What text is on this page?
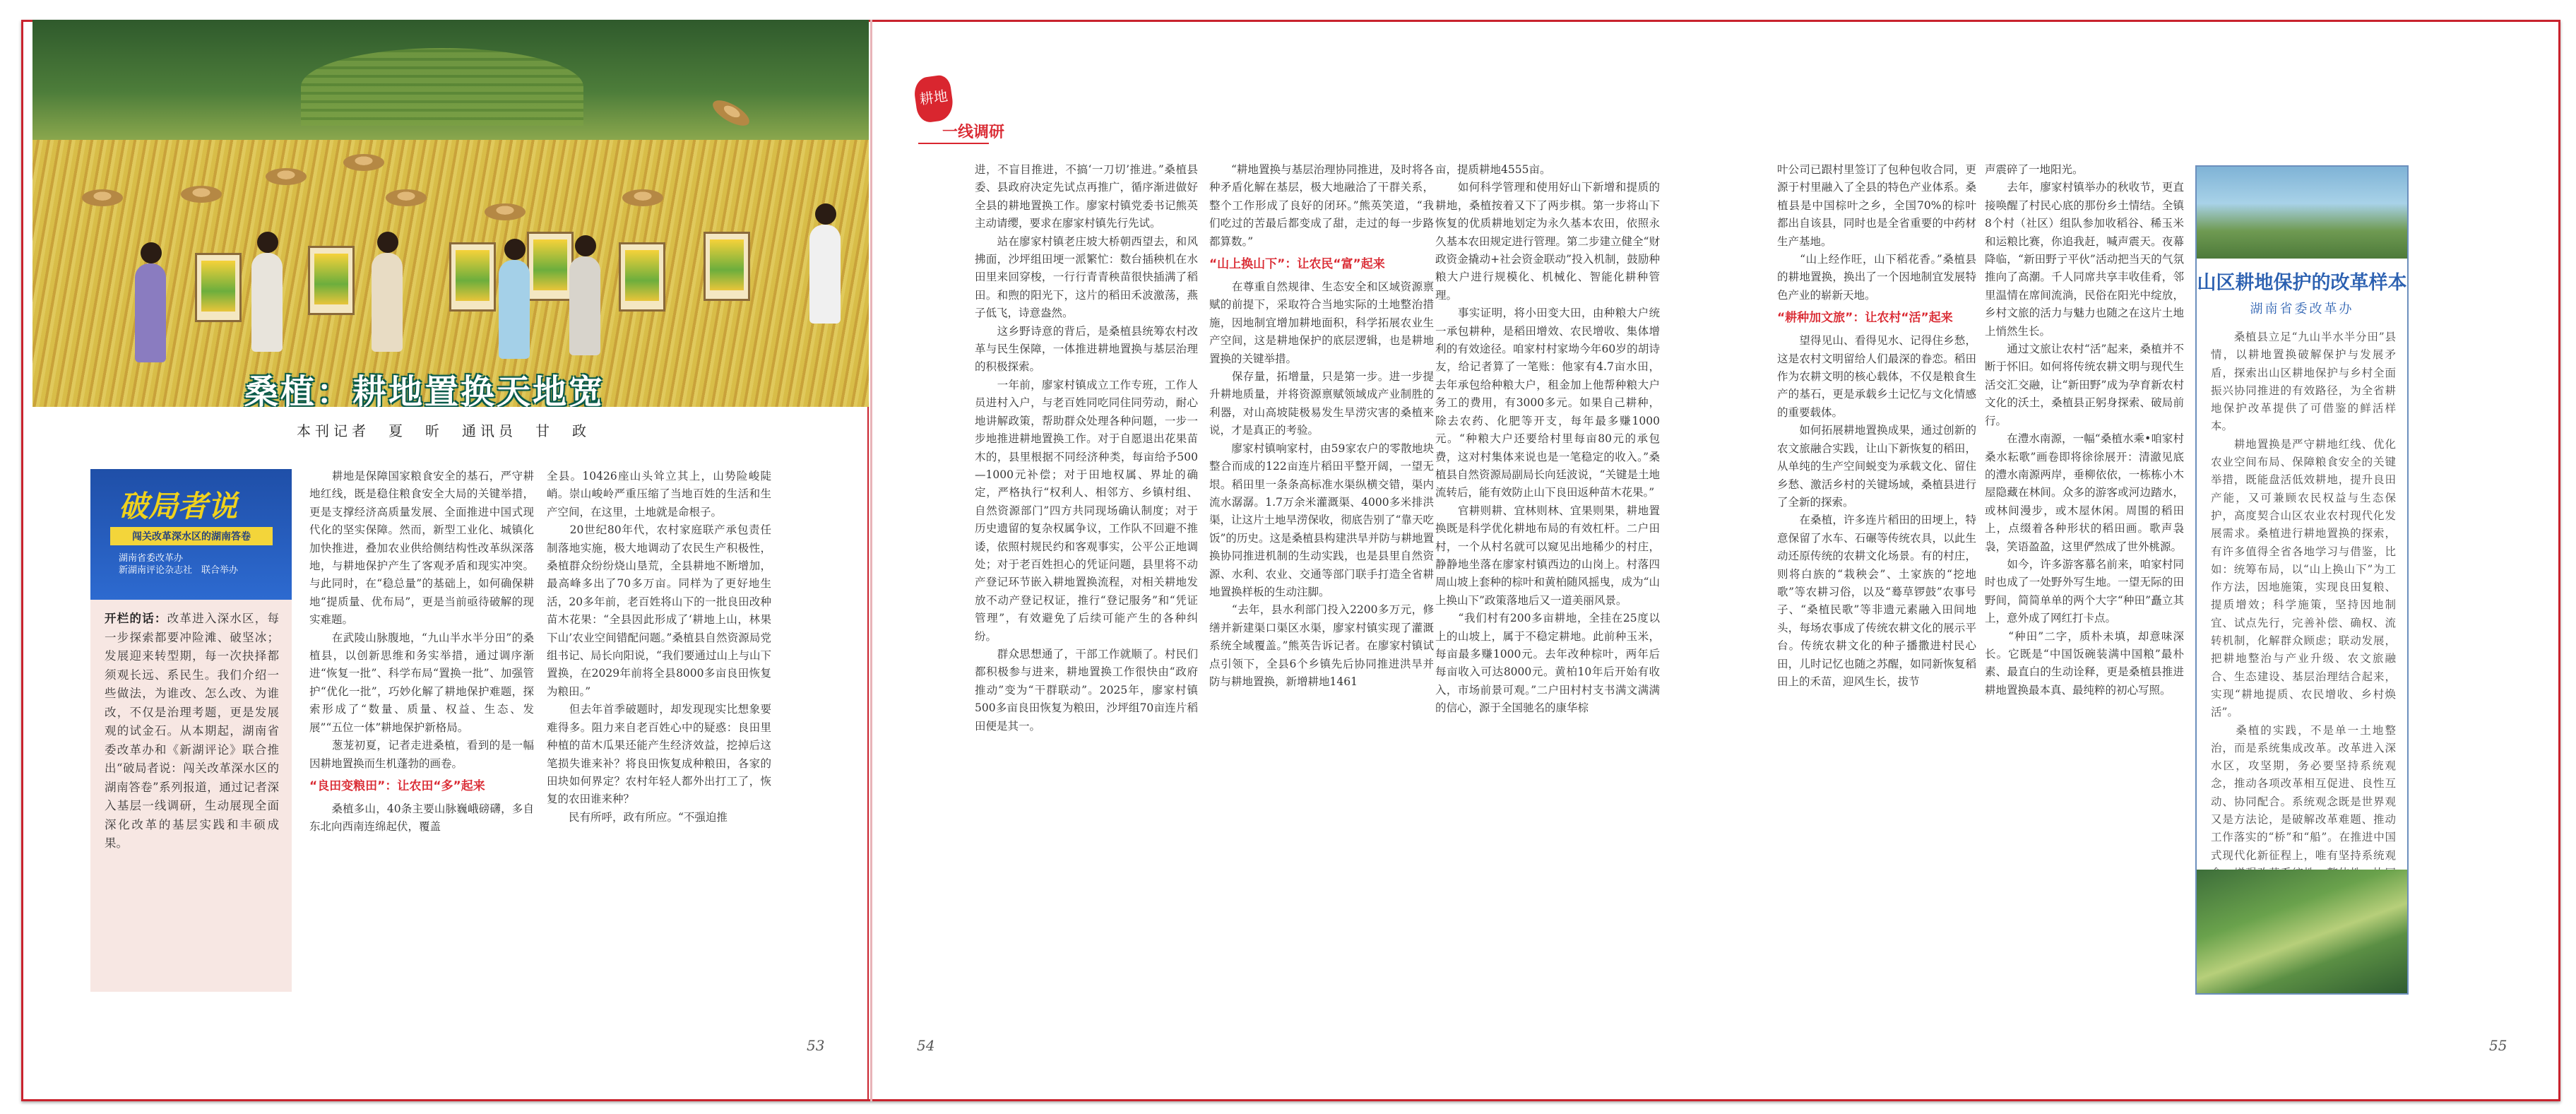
桑植：耕地置换天地宽
本刊记者　夏　昕　通讯员　甘　政
破局者说
闯关改革深水区的湖南答卷
湖南省委改革办
新湖南评论杂志社　联合举办
开栏的话：改革进入深水区，每一步探索都要冲险滩、破坚冰；发展迎来转型期，每一次抉择都须观长远、系民生。我们介绍一些做法，为谁改、怎么改、为谁改，不仅是治理考题，更是发展观的试金石。从本期起，湖南省委改革办和《新湖评论》联合推出“破局者说：闯关改革深水区的湖南答卷”系列报道，通过记者深入基层一线调研，生动展现全面深化改革的基层实践和丰硕成果。
　　耕地是保障国家粮食安全的基石，严守耕地红线，既是稳住粮食安全大局的关键举措，更是支撑经济高质量发展、全面推进中国式现代化的坚实保障。然而，新型工业化、城镇化加快推进，叠加农业供给侧结构性改革纵深落地，与耕地保护产生了客观矛盾和现实冲突。与此同时，在“稳总量”的基础上，如何确保耕地“提质量、优布局”，更是当前亟待破解的现实难题。
　　在武陵山脉腹地，“九山半水半分田”的桑植县，以创新思维和务实举措，通过调序渐进“恢复一批”、科学布局“置换一批”、加强管护“优化一批”，巧妙化解了耕地保护难题，探索形成了“数量、质量、权益、生态、发展”“五位一体”耕地保护新格局。
　　葱茏初夏，记者走进桑植，看到的是一幅因耕地置换而生机蓬勃的画卷。
“良田变粮田”：让农田“多”起来
　　桑植多山，40条主要山脉巍峨磅礴，多自东北向西南连绵起伏，覆盖
全县。10426座山头耸立其上，山势险峻陡峭。崇山峻岭严重压缩了当地百姓的生活和生产空间，在这里，土地就是命根子。
　　20世纪80年代，农村家庭联产承包责任制落地实施，极大地调动了农民生产积极性，桑植群众纷纷烧山垦荒，全县耕地不断增加，最高峰多出了70多万亩。同样为了更好地生活，20多年前，老百姓将山下的一批良田改种苗木花果：“全县因此形成了‘耕地上山，林果下山’农业空间错配问题。”桑植县自然资源局党组书记、局长向阳说，“我们要通过山上与山下置换，在2029年前将全县8000多亩良田恢复为粮田。”
　　但去年首季破题时，却发现现实比想象要难得多。阻力来自老百姓心中的疑惑：良田里种植的苗木瓜果还能产生经济效益，挖掉后这笔损失谁来补？将良田恢复成种粮田，各家的田块如何界定？农村年轻人都外出打工了，恢复的农田谁来种？
　　民有所呼，政有所应。“不强迫推
53
耕地
一线调研
进，不盲目推进，不搞‘一刀切’推进。”桑植县委、县政府决定先试点再推广，循序渐进做好全县的耕地置换工作。廖家村镇党委书记熊英主动请缨，要求在廖家村镇先行先试。
　　站在廖家村镇老庄坡大桥朝西望去，和风拂面，沙坪组田埂一派繁忙：数台插秧机在水田里来回穿梭，一行行青青秧苗很快插满了稻田。和煦的阳光下，这片的稻田禾波激荡，燕子低飞，诗意盎然。
　　这乡野诗意的背后，是桑植县统筹农村改革与民生保障，一体推进耕地置换与基层治理的积极探索。
　　一年前，廖家村镇成立工作专班，工作人员进村入户，与老百姓同吃同住同劳动，耐心地讲解政策，帮助群众处理各种问题，一步一步地推进耕地置换工作。对于自愿退出花果苗木的，县里根据不同经济种类，每亩给予500—1000元补偿；对于田地权属、界址的确定，严格执行“权利人、相邻方、乡镇村组、自然资源部门”四方共同现场确认制度；对于历史遗留的复杂权属争议，工作队不回避不推诿，依照村规民约和客观事实，公平公正地调处；对于老百姓担心的凭证问题，县里将不动产登记环节嵌入耕地置换流程，对相关耕地发放不动产登记权证，推行“登记服务”和“凭证管理”，有效避免了后续可能产生的各种纠纷。
　　群众思想通了，干部工作就顺了。村民们都积极参与进来，耕地置换工作很快由“政府推动”变为“干群联动”。2025年，廖家村镇500多亩良田恢复为粮田，沙坪组70亩连片稻田便是其一。
　　“耕地置换与基层治理协同推进，及时将各种矛盾化解在基层，极大地融洽了干群关系，整个工作形成了良好的闭环。”熊英笑道，“我们吃过的苦最后都变成了甜，走过的每一步路都算数。”
“山上换山下”：让农民“富”起来
　　在尊重自然规律、生态安全和区域资源禀赋的前提下，采取符合当地实际的土地整治措施，因地制宜增加耕地面积，科学拓展农业生产空间，这是耕地保护的底层逻辑，也是耕地置换的关键举措。
　　保存量，拓增量，只是第一步。进一步提升耕地质量，并将资源禀赋领域成产业制胜的利器，对山高坡陡极易发生旱涝灾害的桑植来说，才是真正的考验。
　　廖家村镇响家村，由59家农户的零散地块整合而成的122亩连片稻田平整开阔，一望无垠。稻田里一条条高标准水渠纵横交错，渠内流水潺潺。1.7万余米灌溉渠、4000多米排洪渠，让这片土地旱涝保收，彻底告别了“靠天吃饭”的历史。这是桑植县构建洪旱并防与耕地置换协同推进机制的生动实践，也是县里自然资源、水利、农业、交通等部门联手打造全省耕地置换样板的生动注脚。
　　“去年，县水利部门投入2200多万元，修缮并新建渠口渠区水渠，廖家村镇实现了灌溉系统全域覆盖。”熊英告诉记者。在廖家村镇试点引领下，全县6个乡镇先后协同推进洪旱并防与耕地置换，新增耕地1461
亩，提质耕地4555亩。
　　如何科学管理和使用好山下新增和提质的耕地，桑植按着又下了两步棋。第一步将山下恢复的优质耕地划定为永久基本农田，依照永久基本农田规定进行管理。第二步建立健全“财政资金撬动+社会资金联动”投入机制，鼓励种粮大户进行规模化、机械化、智能化耕种管理。
　　事实证明，将小田变大田，由种粮大户统一承包耕种，是稻田增效、农民增收、集体增利的有效途径。咱家村村家坳今年60岁的胡诗友，给记者算了一笔账：他家有4.7亩水田，去年承包给种粮大户，租金加上他帮种粮大户务工的费用，有3000多元。如果自己耕种，除去农药、化肥等开支，每年最多赚1000元。“种粮大户还要给村里每亩80元的承包费，这对村集体来说也是一笔稳定的收入。”桑植县自然资源局副局长向廷波说，“关键是土地流转后，能有效防止山下良田返种苗木花果。”
　　官耕则耕、宜林则林、宜果则果，耕地置换既是科学优化耕地布局的有效杠杆。二户田村，一个从村名就可以窥见出地稀少的村庄，静静地坐落在廖家村镇西边的山岗上。村落四周山坡上套种的棕叶和黄柏随风摇曳，成为“山上换山下”政策落地后又一道美丽风景。
　　“我们村有200多亩耕地，全挂在25度以上的山坡上，属于不稳定耕地。此前种玉米，每亩最多赚1000元。去年改种棕叶，两年后每亩收入可达8000元。黄柏10年后开始有收入，市场前景可观。”二户田村村支书满文满满的信心，源于全国驰名的康华棕
54
叶公司已跟村里签订了包种包收合同，更源于村里融入了全县的特色产业体系。桑植县是中国棕叶之乡，全国70%的棕叶都出自该县，同时也是全省重要的中药材生产基地。
　　“山上经作旺，山下稻花香。”桑植县的耕地置换，换出了一个因地制宜发展特色产业的崭新天地。
“耕种加文旅”：让农村“活”起来
　　望得见山、看得见水、记得住乡愁，这是农村文明留给人们最深的眷恋。稻田作为农耕文明的核心载体，不仅是粮食生产的基石，更是承载乡土记忆与文化情感的重要载体。
　　如何拓展耕地置换成果，通过创新的农文旅融合实践，让山下新恢复的稻田，从单纯的生产空间蜕变为承载文化、留住乡愁、激活乡村的关键场域，桑植县进行了全新的探索。
　　在桑植，许多连片稻田的田埂上，特意保留了水车、石碾等传统农具，以此生动还原传统的农耕文化场景。有的村庄，则将白族的“栽秧会”、土家族的“挖地歌”等农耕习俗，以及“蓦草锣鼓”农事号子、“桑植民歌”等非遗元素融入田间地头，每场农事成了传统农耕文化的展示平台。传统农耕文化的种子播撒进村民心田，儿时记忆也随之苏醒，如同新恢复稻田上的禾苗，迎风生长，拔节
声震碎了一地阳光。
　　去年，廖家村镇举办的秋收节，更直接唤醒了村民心底的那份乡土情结。全镇8个村（社区）组队参加收稻谷、稀玉米和运粮比赛，你追我赶，喊声震天。夜幕降临，“新田野亍平伙”活动把当天的气氛推向了高潮。千人同席共享丰收佳肴，邻里温情在席间流淌，民俗在阳光中绽放，乡村文旅的活力与魅力也随之在这片土地上悄然生长。
　　通过文旅让农村“活”起来，桑植并不断于怀旧。如何将传统农耕文明与现代生活交汇交融，让“新田野”成为孕育新农村文化的沃土，桑植县正躬身探索、破局前行。
　　在澧水南源，一幅“桑植水乘•咱家村桑水耘歌”画卷即将徐徐展开：清澈见底的澧水南源两岸，垂柳依依，一栋栋小木屋隐藏在林间。众多的游客或河边踏水，或林间漫步，或木屋休闲。周围的稻田上，点缀着各种形状的稻田画。歌声袅袅，笑语盈盈，这里俨然成了世外桃源。
　　如今，许多游客慕名前来，咱家村同时也成了一处野外写生地。一望无际的田野间，简简单单的两个大字“种田”矗立其上，意外成了网红打卡点。
　　“种田”二字，质朴未填，却意味深长。它既是“中国饭碗装满中国粮”最朴素、最直白的生动诠释，更是桑植县推进耕地置换最本真、最纯粹的初心写照。
山区耕地保护的改革样本
湖南省委改革办
　　桑植县立足“九山半水半分田”县情，以耕地置换破解保护与发展矛盾，探索出山区耕地保护与乡村全面振兴协同推进的有效路径，为全省耕地保护改革提供了可借鉴的鲜活样本。
　　耕地置换是严守耕地红线、优化农业空间布局、保障粮食安全的关键举措，既能盘活低效耕地，提升良田产能，又可兼顾农民权益与生态保护，高度契合山区农业农村现代化发展需求。桑植进行耕地置换的探索，有许多值得全省各地学习与借鉴，比如：统筹布局，以“山上换山下”为工作方法，因地施策，实现良田复粮、提质增效；科学施策，坚持因地制宜、试点先行，完善补偿、确权、流转机制，化解群众顾虑；联动发展，把耕地整治与产业升级、农文旅融合、生态建设、基层治理结合起来，实现“耕地提质、农民增收、乡村焕活”。
　　桑植的实践，不是单一土地整治，而是系统集成改革。改革进入深水区，攻坚期，务必要坚持系统观念，推动各项改革相互促进、良性互动、协同配合。系统观念既是世界观又是方法论，是破解改革难题、推动工作落实的“桥”和“船”。在推进中国式现代化新征程上，唯有坚持系统观
55
